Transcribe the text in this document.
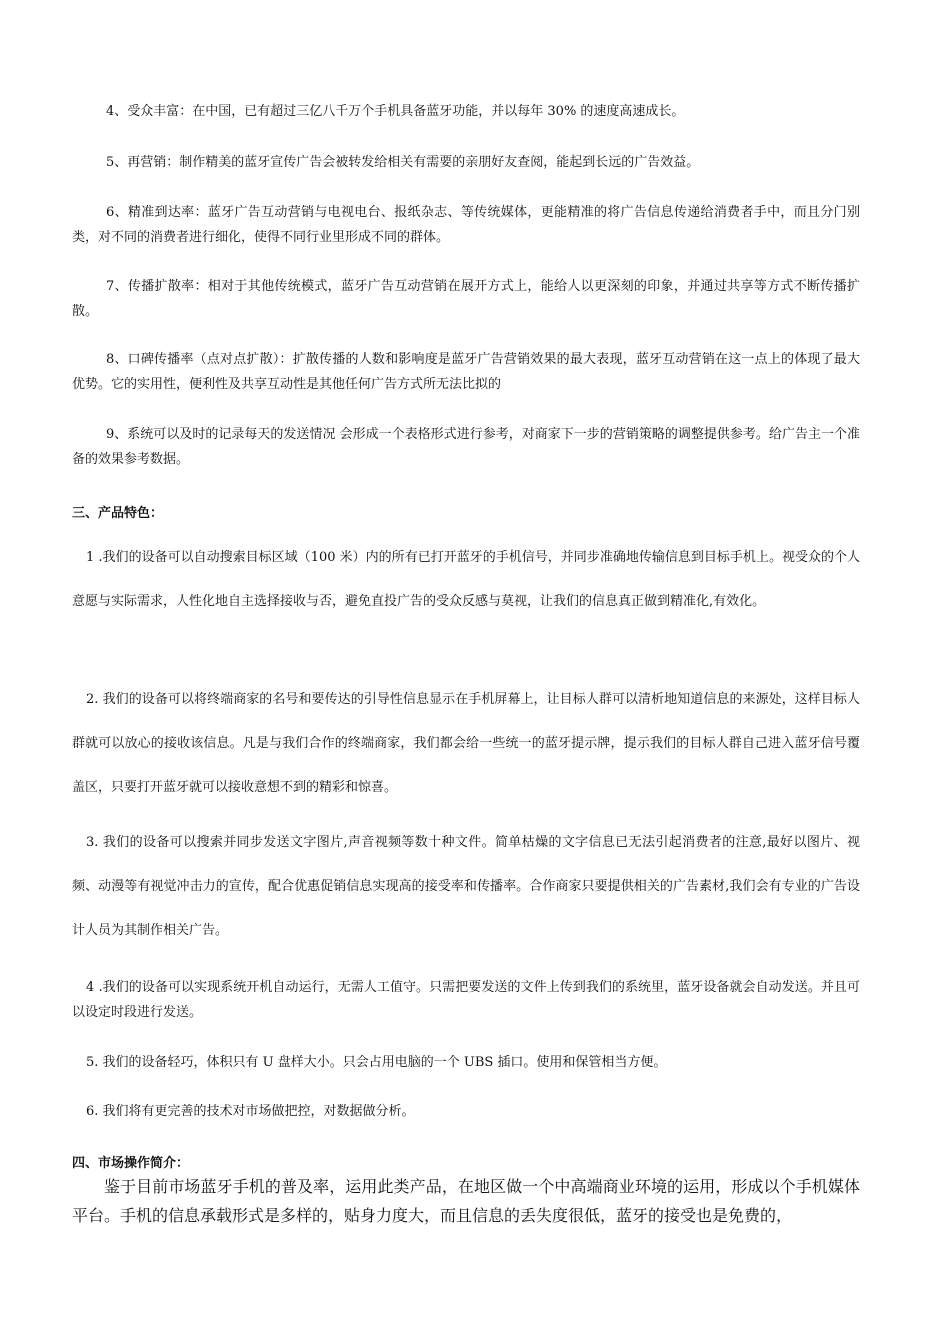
4、受众丰富：在中国，已有超过三亿八千万个手机具备蓝牙功能，并以每年 30% 的速度高速成长。

5、再营销：制作精美的蓝牙宣传广告会被转发给相关有需要的亲朋好友查阅，能起到长远的广告效益。

6、精准到达率：蓝牙广告互动营销与电视电台、报纸杂志、等传统媒体，更能精准的将广告信息传递给消费者手中，而且分门别类，对不同的消费者进行细化，使得不同行业里形成不同的群体。

7、传播扩散率：相对于其他传统模式，蓝牙广告互动营销在展开方式上，能给人以更深刻的印象，并通过共享等方式不断传播扩散。

8、口碑传播率（点对点扩散）：扩散传播的人数和影响度是蓝牙广告营销效果的最大表现，蓝牙互动营销在这一点上的体现了最大优势。它的实用性，便利性及共享互动性是其他任何广告方式所无法比拟的

9、系统可以及时的记录每天的发送情况 会形成一个表格形式进行参考，对商家下一步的营销策略的调整提供参考。给广告主一个准备的效果参考数据。

三、产品特色：

1 .我们的设备可以自动搜索目标区域（100 米）内的所有已打开蓝牙的手机信号，并同步准确地传输信息到目标手机上。视受众的个人意愿与实际需求，人性化地自主选择接收与否，避免直投广告的受众反感与莫视，让我们的信息真正做到精准化,有效化。

2. 我们的设备可以将终端商家的名号和要传达的引导性信息显示在手机屏幕上，让目标人群可以清析地知道信息的来源处，这样目标人群就可以放心的接收该信息。凡是与我们合作的终端商家，我们都会给一些统一的蓝牙提示牌，提示我们的目标人群自己进入蓝牙信号覆盖区，只要打开蓝牙就可以接收意想不到的精彩和惊喜。

3. 我们的设备可以搜索并同步发送文字图片,声音视频等数十种文件。简单枯燥的文字信息已无法引起消费者的注意,最好以图片、视频、动漫等有视觉冲击力的宣传，配合优惠促销信息实现高的接受率和传播率。合作商家只要提供相关的广告素材,我们会有专业的广告设计人员为其制作相关广告。

4 .我们的设备可以实现系统开机自动运行，无需人工值守。只需把要发送的文件上传到我们的系统里，蓝牙设备就会自动发送。并且可以设定时段进行发送。

5. 我们的设备轻巧，体积只有 U 盘样大小。只会占用电脑的一个 UBS 插口。使用和保管相当方便。

6. 我们将有更完善的技术对市场做把控，对数据做分析。

四、市场操作简介：

鉴于目前市场蓝牙手机的普及率，运用此类产品，在地区做一个中高端商业环境的运用，形成以个手机媒体平台。手机的信息承载形式是多样的，贴身力度大，而且信息的丢失度很低，蓝牙的接受也是免费的，
